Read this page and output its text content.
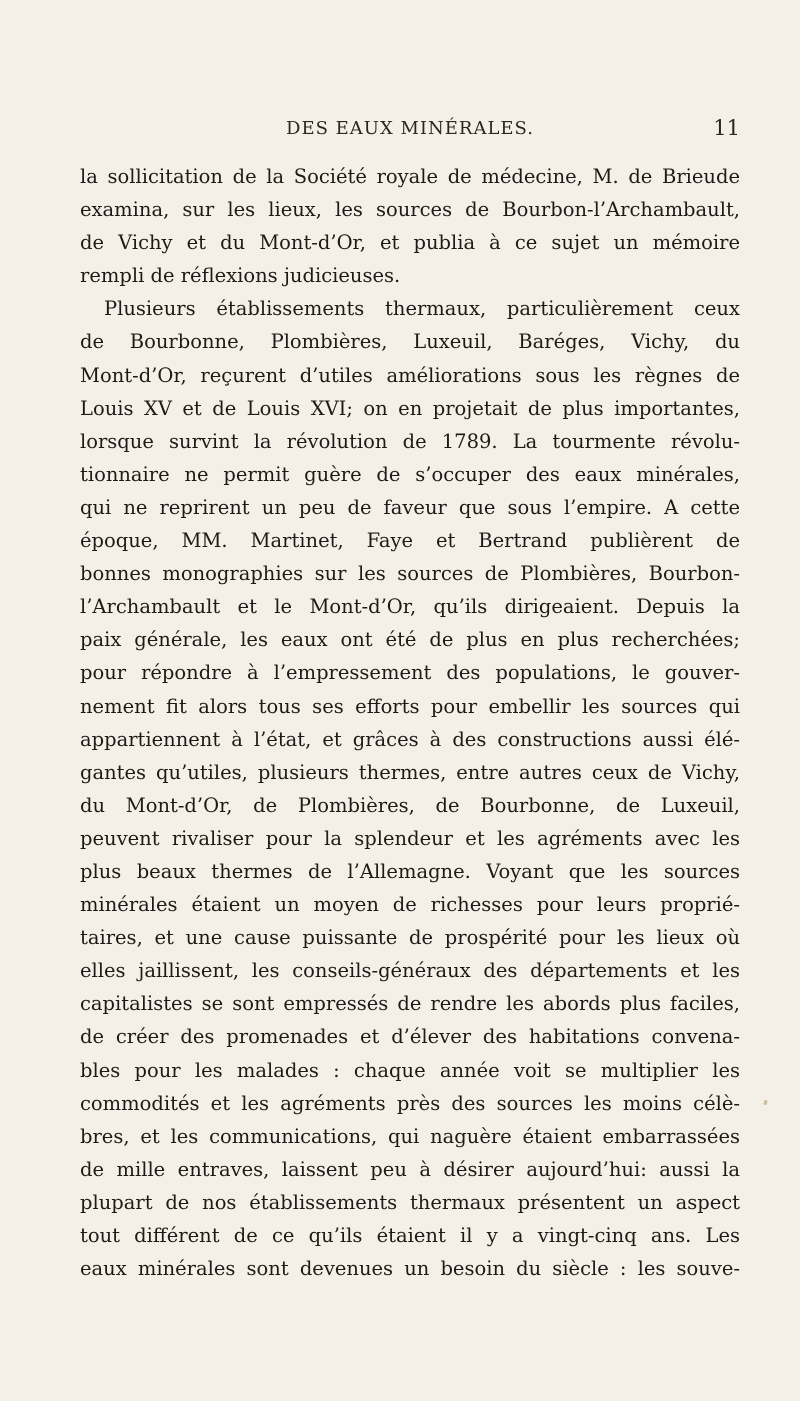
DES EAUX MINÉRALES.	11
la sollicitation de la Société royale de médecine, M. de Brieude
examina, sur les lieux, les sources de Bourbon-l’Archambault,
de Vichy et du Mont-d’Or, et publia à ce sujet un mémoire
rempli de réflexions judicieuses.
Plusieurs établissements thermaux, particulièrement ceux
de Bourbonne, Plombières, Luxeuil, Baréges, Vichy, du
Mont-d’Or, reçurent d’utiles améliorations sous les règnes de
Louis XV et de Louis XVI; on en projetait de plus importantes,
lorsque survint la révolution de 1789. La tourmente révolu-
tionnaire ne permit guère de s’occuper des eaux minérales,
qui ne reprirent un peu de faveur que sous l’empire. A cette
époque, MM. Martinet, Faye et Bertrand publièrent de
bonnes monographies sur les sources de Plombières, Bourbon-
l’Archambault et le Mont-d’Or, qu’ils dirigeaient. Depuis la
paix générale, les eaux ont été de plus en plus recherchées;
pour répondre à l’empressement des populations, le gouver-
nement fit alors tous ses efforts pour embellir les sources qui
appartiennent à l’état, et grâces à des constructions aussi élé-
gantes qu’utiles, plusieurs thermes, entre autres ceux de Vichy,
du Mont-d’Or, de Plombières, de Bourbonne, de Luxeuil,
peuvent rivaliser pour la splendeur et les agréments avec les
plus beaux thermes de l’Allemagne. Voyant que les sources
minérales étaient un moyen de richesses pour leurs proprié-
taires, et une cause puissante de prospérité pour les lieux où
elles jaillissent, les conseils-généraux des départements et les
capitalistes se sont empressés de rendre les abords plus faciles,
de créer des promenades et d’élever des habitations convena-
bles pour les malades : chaque année voit se multiplier les
commodités et les agréments près des sources les moins célè-
bres, et les communications, qui naguère étaient embarrassées
de mille entraves, laissent peu à désirer aujourd’hui: aussi la
plupart de nos établissements thermaux présentent un aspect
tout différent de ce qu’ils étaient il y a vingt-cinq ans. Les
eaux minérales sont devenues un besoin du siècle : les souve-
